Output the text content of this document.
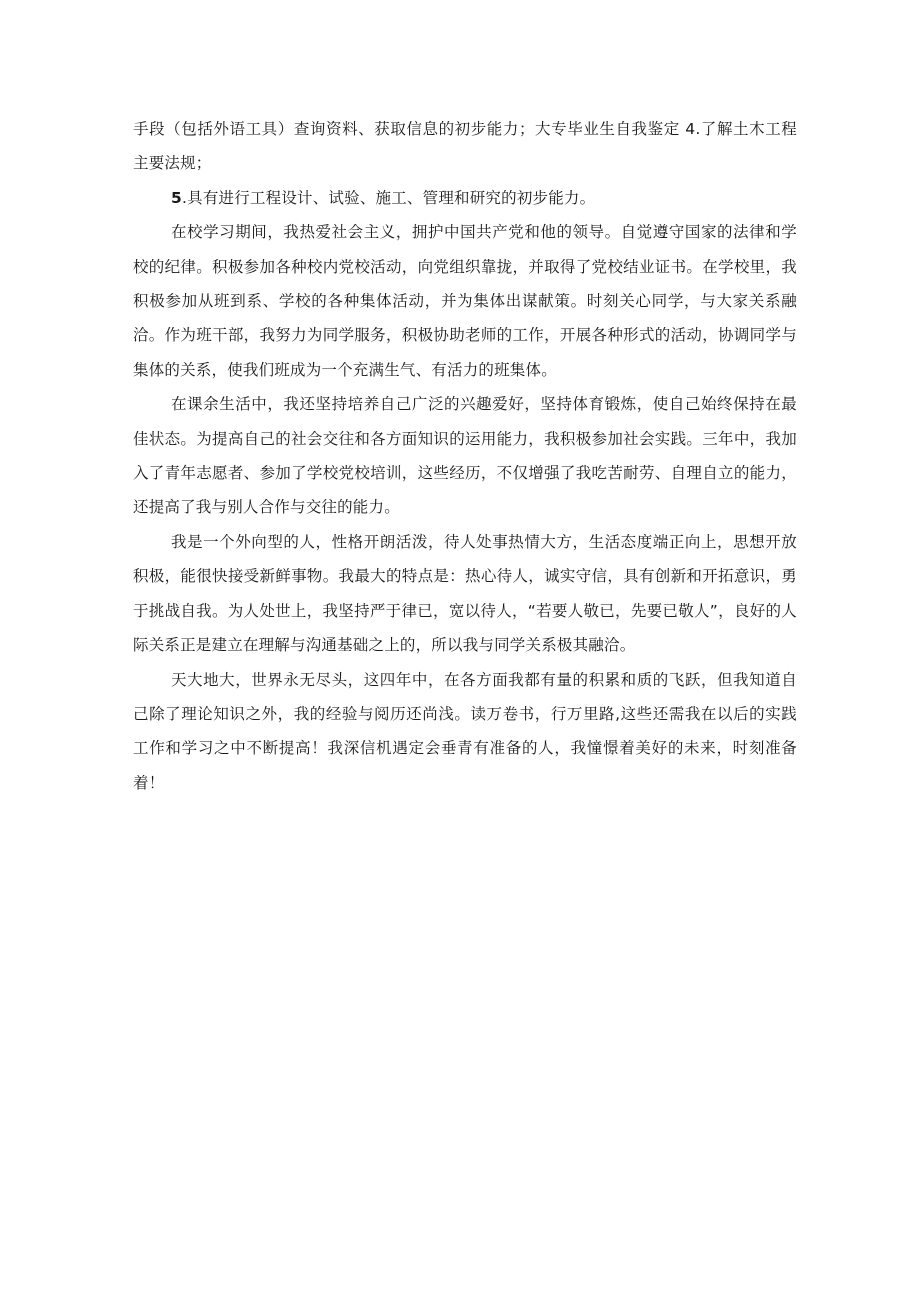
手段（包括外语工具）查询资料、获取信息的初步能力；大专毕业生自我鉴定 4.了解土木工程主要法规；

5.具有进行工程设计、试验、施工、管理和研究的初步能力。

在校学习期间，我热爱社会主义，拥护中国共产党和他的领导。自觉遵守国家的法律和学校的纪律。积极参加各种校内党校活动，向党组织靠拢，并取得了党校结业证书。在学校里，我积极参加从班到系、学校的各种集体活动，并为集体出谋献策。时刻关心同学，与大家关系融洽。作为班干部，我努力为同学服务，积极协助老师的工作，开展各种形式的活动，协调同学与集体的关系，使我们班成为一个充满生气、有活力的班集体。

在课余生活中，我还坚持培养自己广泛的兴趣爱好，坚持体育锻炼，使自己始终保持在最佳状态。为提高自己的社会交往和各方面知识的运用能力，我积极参加社会实践。三年中，我加入了青年志愿者、参加了学校党校培训，这些经历，不仅增强了我吃苦耐劳、自理自立的能力，还提高了我与别人合作与交往的能力。

我是一个外向型的人，性格开朗活泼，待人处事热情大方，生活态度端正向上，思想开放积极，能很快接受新鲜事物。我最大的特点是：热心待人，诚实守信，具有创新和开拓意识，勇于挑战自我。为人处世上，我坚持严于律已，宽以待人，“若要人敬已，先要已敬人”，良好的人际关系正是建立在理解与沟通基础之上的，所以我与同学关系极其融洽。

天大地大，世界永无尽头，这四年中，在各方面我都有量的积累和质的飞跃，但我知道自己除了理论知识之外，我的经验与阅历还尚浅。读万卷书，行万里路,这些还需我在以后的实践工作和学习之中不断提高！我深信机遇定会垂青有准备的人，我憧憬着美好的未来，时刻准备着！
